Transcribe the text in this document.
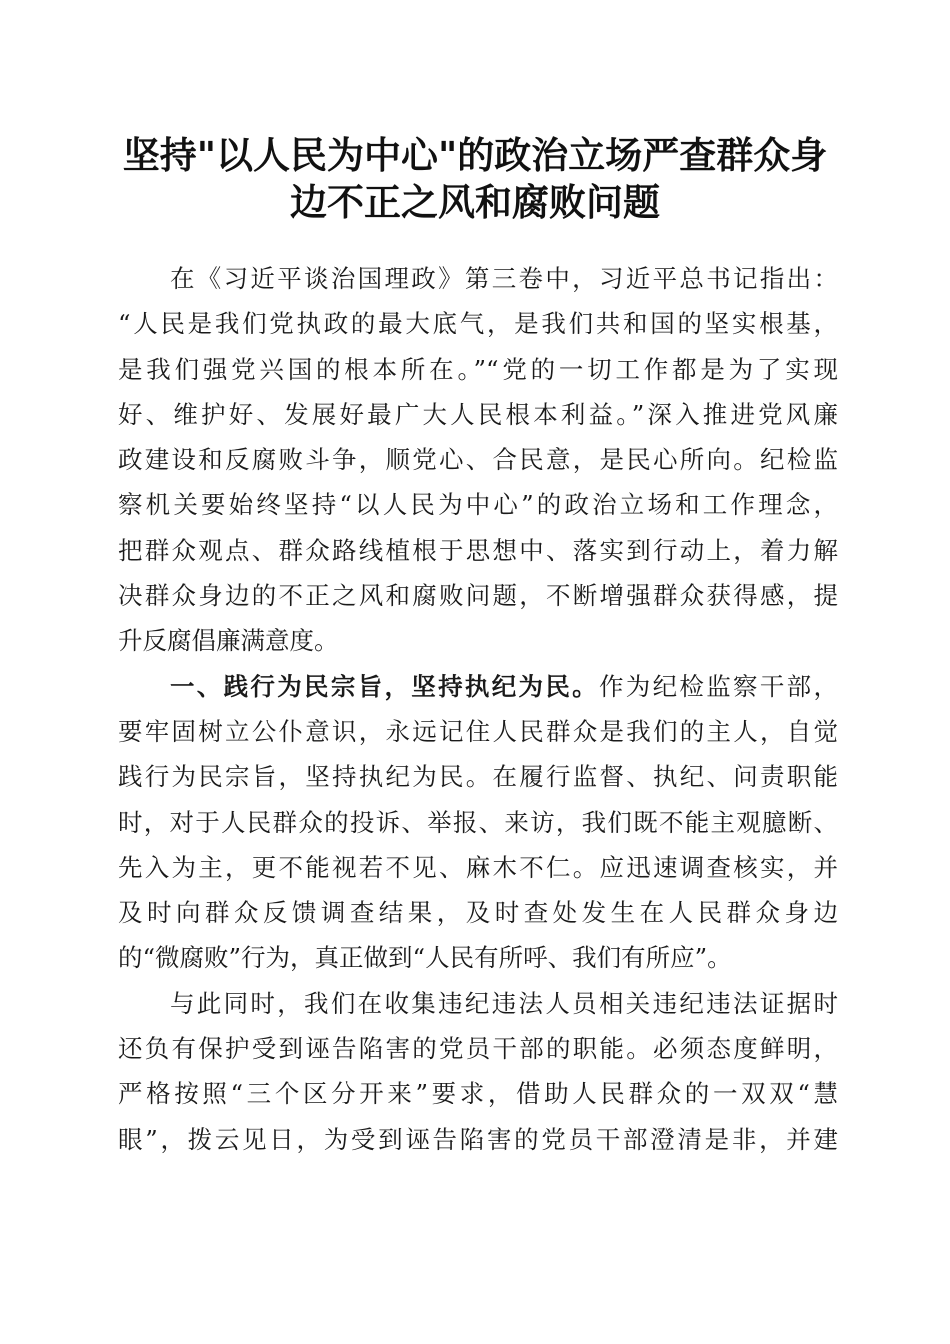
坚持"以人民为中心"的政治立场严查群众身
边不正之风和腐败问题
在《习近平谈治国理政》第三卷中，习近平总书记指出：
“人民是我们党执政的最大底气，是我们共和国的坚实根基，
是我们强党兴国的根本所在。”“党的一切工作都是为了实现
好、维护好、发展好最广大人民根本利益。”深入推进党风廉
政建设和反腐败斗争，顺党心、合民意，是民心所向。纪检监
察机关要始终坚持“以人民为中心”的政治立场和工作理念，
把群众观点、群众路线植根于思想中、落实到行动上，着力解
决群众身边的不正之风和腐败问题，不断增强群众获得感，提
升反腐倡廉满意度。
一、践行为民宗旨，坚持执纪为民。作为纪检监察干部，
要牢固树立公仆意识，永远记住人民群众是我们的主人，自觉
践行为民宗旨，坚持执纪为民。在履行监督、执纪、问责职能
时，对于人民群众的投诉、举报、来访，我们既不能主观臆断、
先入为主，更不能视若不见、麻木不仁。应迅速调查核实，并
及时向群众反馈调查结果，及时查处发生在人民群众身边
的“微腐败”行为，真正做到“人民有所呼、我们有所应”。
与此同时，我们在收集违纪违法人员相关违纪违法证据时
还负有保护受到诬告陷害的党员干部的职能。必须态度鲜明，
严格按照“三个区分开来”要求，借助人民群众的一双双“慧
眼”，拨云见日，为受到诬告陷害的党员干部澄清是非，并建
